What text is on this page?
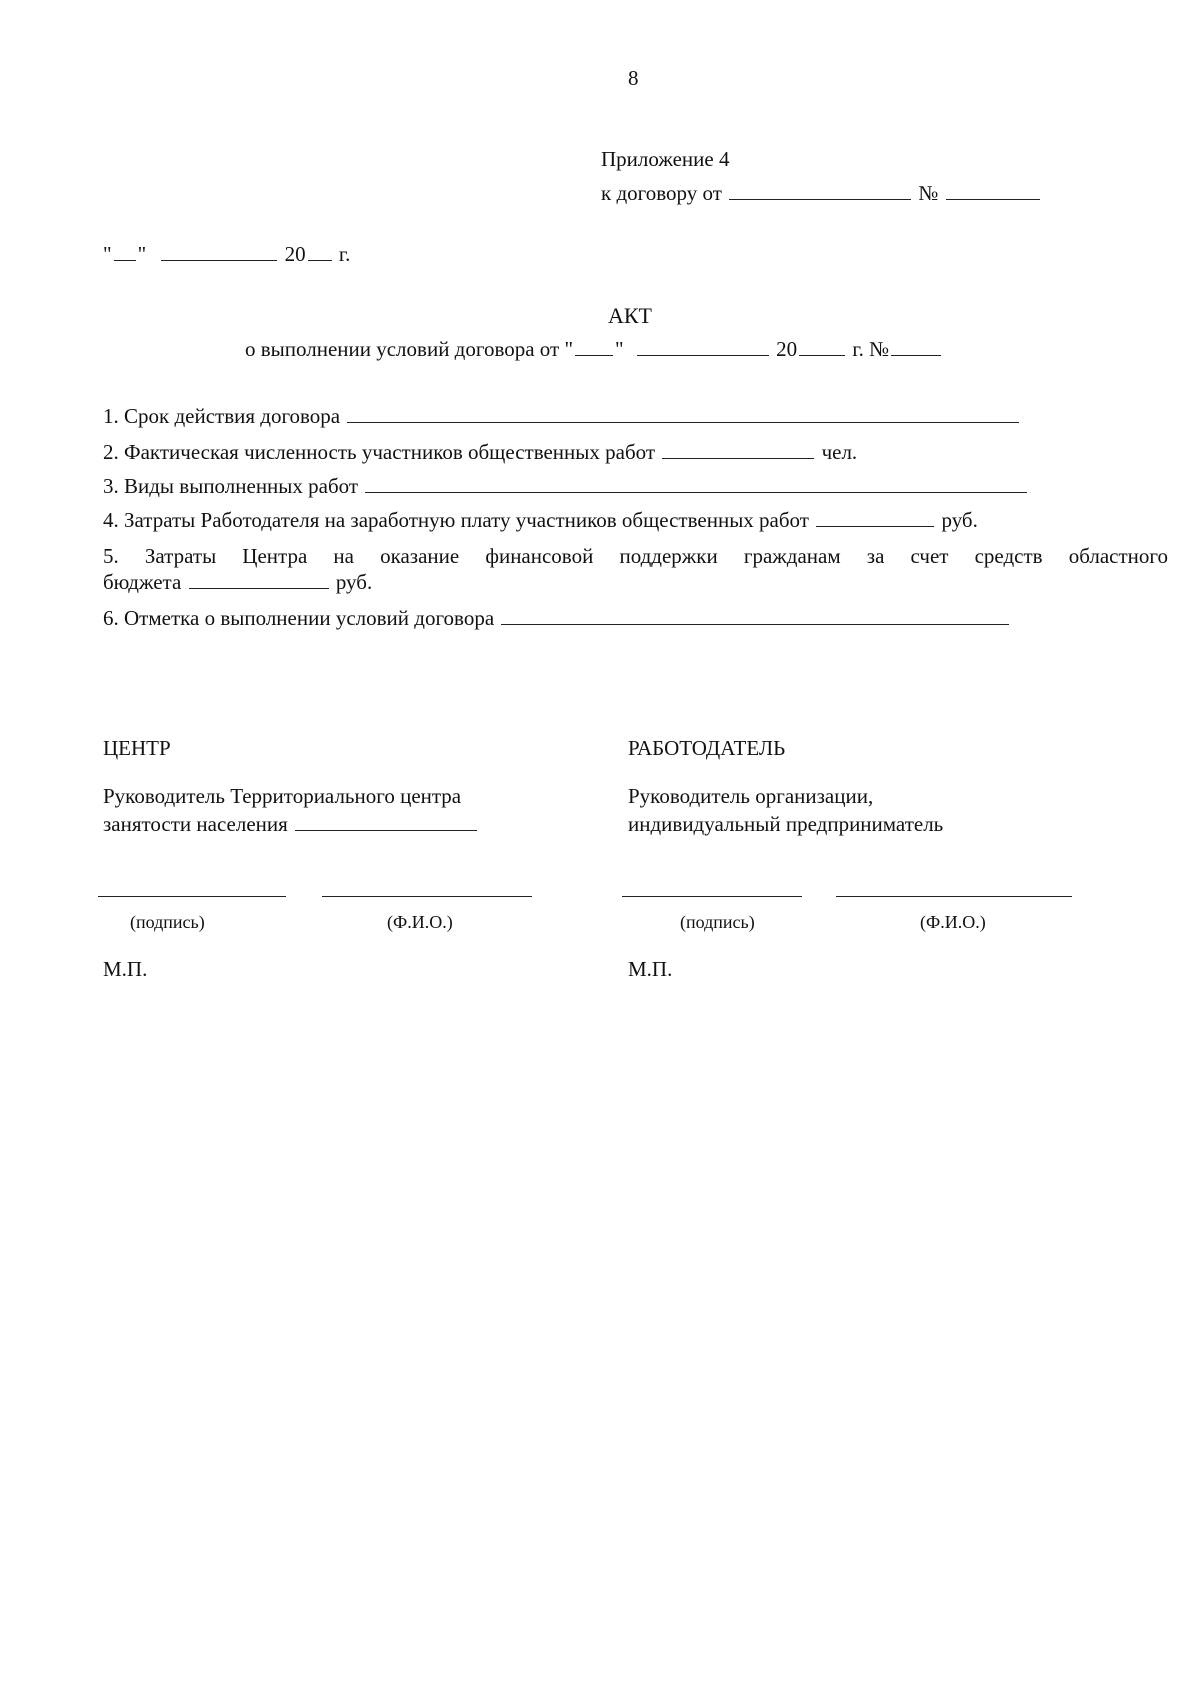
8
Приложение 4
к договору от	№
" "	20 г.
АКТ
о выполнении условий договора от " "	20	г. №
1. Срок действия договора
2. Фактическая численность участников общественных работ	чел.
3. Виды выполненных работ
4. Затраты Работодателя на заработную плату участников общественных работ	руб.
5. Затраты Центра на оказание финансовой поддержки гражданам за счет средств областного
бюджета	руб.
6. Отметка о выполнении условий договора
ЦЕНТР
Руководитель Территориального центра
занятости населения
(подпись)	(Ф.И.О.)
М.П.
РАБОТОДАТЕЛЬ
Руководитель организации,
индивидуальный предприниматель
(подпись)	(Ф.И.О.)
М.П.
